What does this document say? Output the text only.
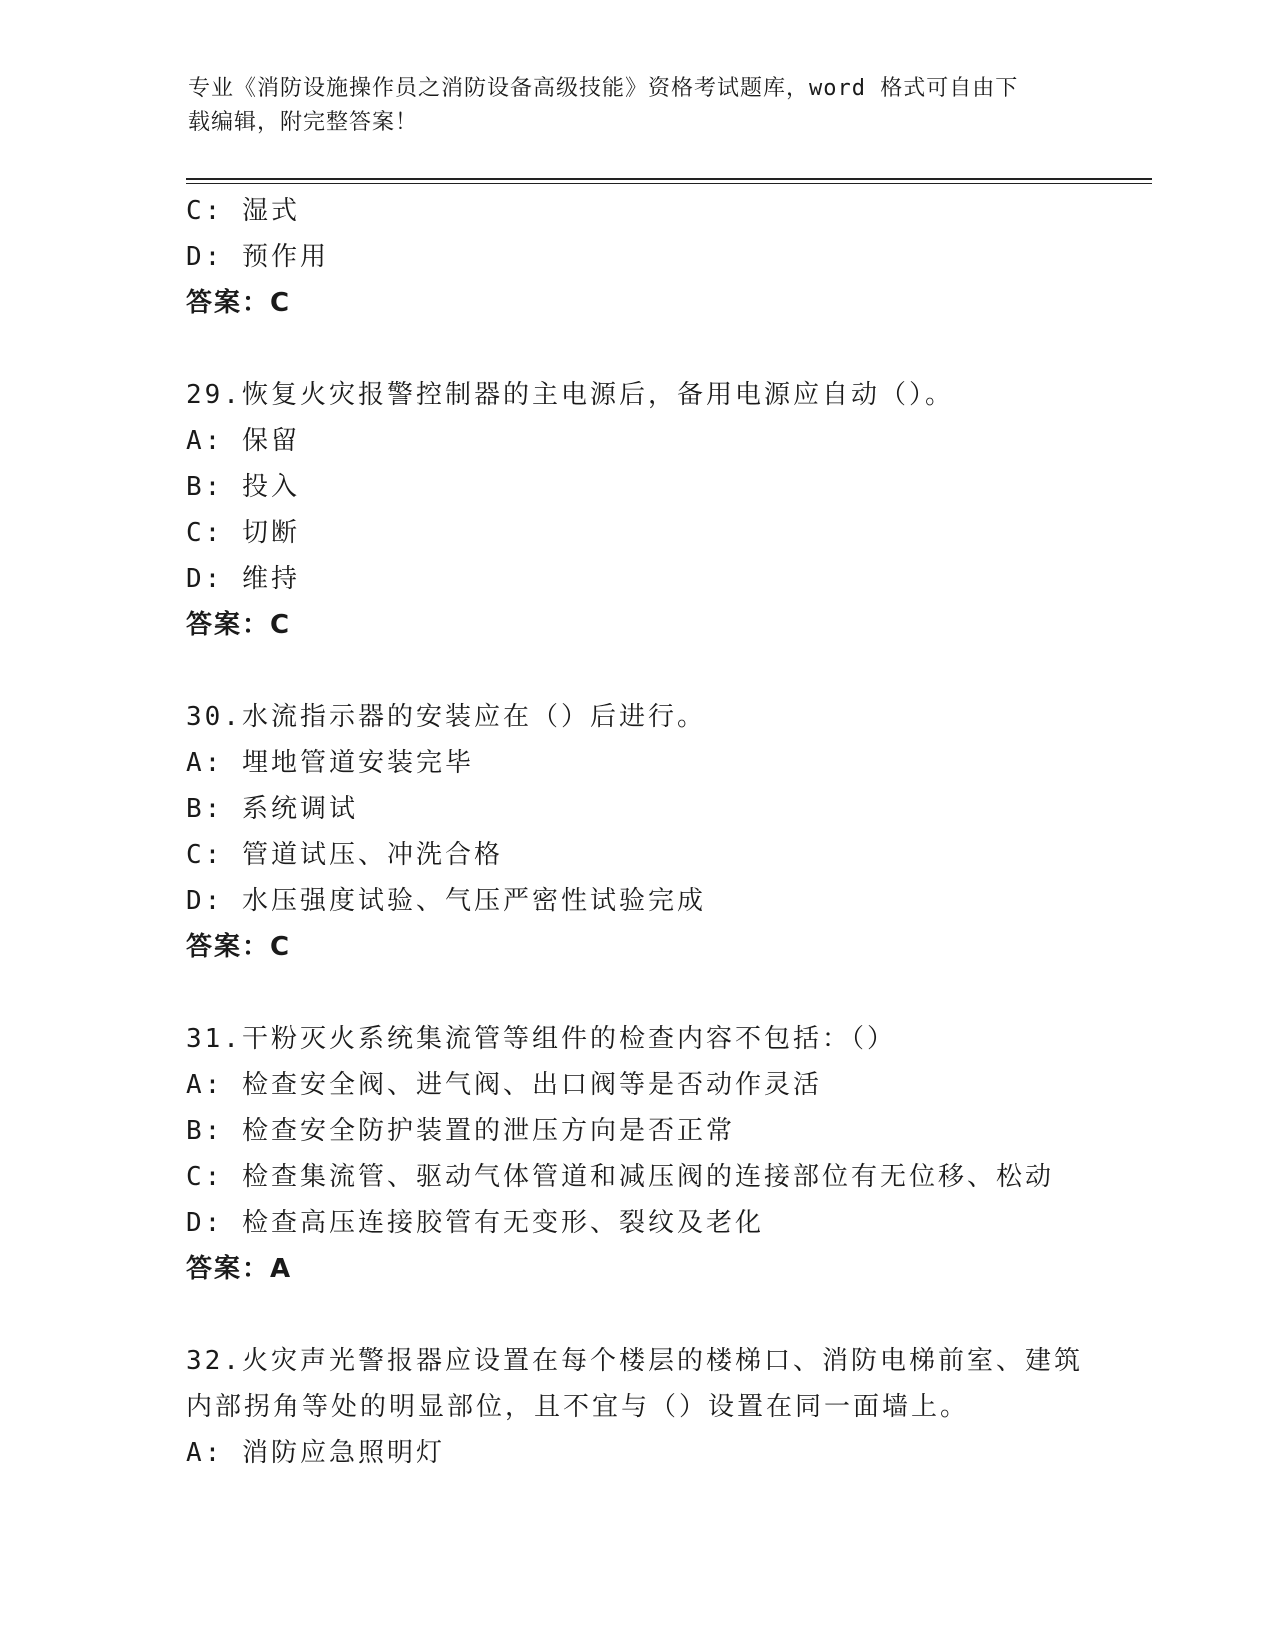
专业《消防设施操作员之消防设备高级技能》资格考试题库，word 格式可自由下
载编辑，附完整答案！
C: 湿式
D: 预作用
答案：C
29.恢复火灾报警控制器的主电源后，备用电源应自动（）。
A: 保留
B: 投入
C: 切断
D: 维持
答案：C
30.水流指示器的安装应在（）后进行。
A: 埋地管道安装完毕
B: 系统调试
C: 管道试压、冲洗合格
D: 水压强度试验、气压严密性试验完成
答案：C
31.干粉灭火系统集流管等组件的检查内容不包括：（）
A: 检查安全阀、进气阀、出口阀等是否动作灵活
B: 检查安全防护装置的泄压方向是否正常
C: 检查集流管、驱动气体管道和减压阀的连接部位有无位移、松动
D: 检查高压连接胶管有无变形、裂纹及老化
答案：A
32.火灾声光警报器应设置在每个楼层的楼梯口、消防电梯前室、建筑
内部拐角等处的明显部位，且不宜与（）设置在同一面墙上。
A: 消防应急照明灯
